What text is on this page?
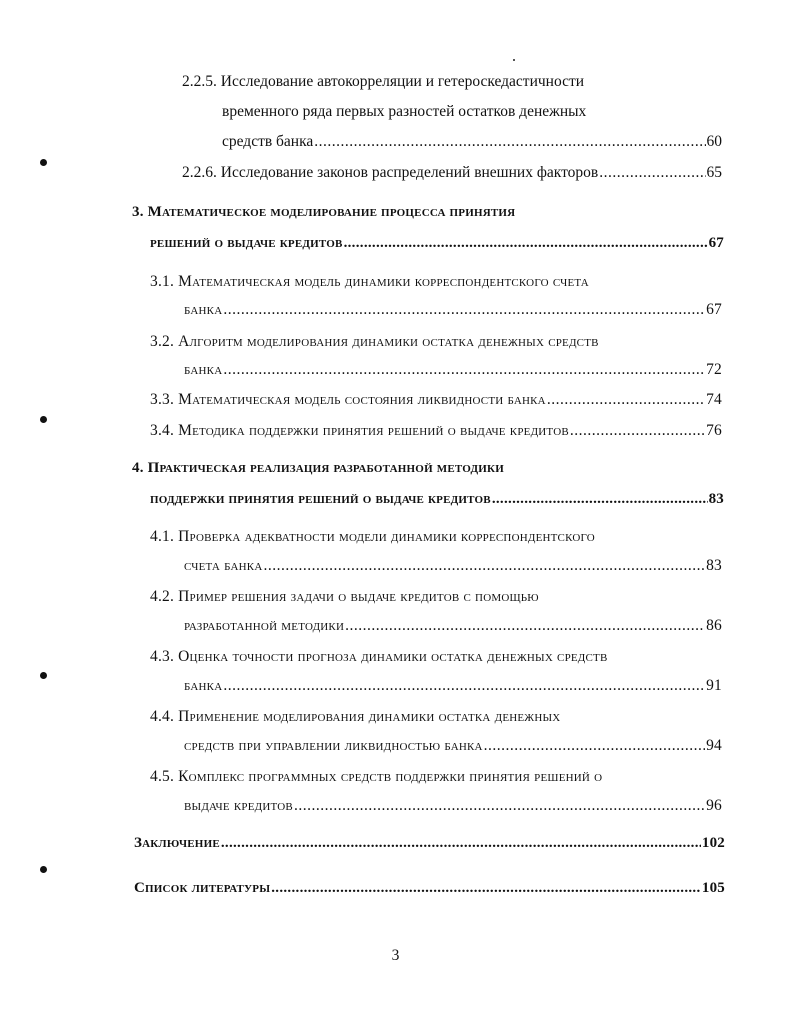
2.2.5. Исследование автокорреляции и гетероскедастичности
временного ряда первых разностей остатков денежных
средств банка .....	60
2.2.6. Исследование законов распределений внешних факторов .....	65
3. Математическое моделирование процесса принятия
решений о выдаче кредитов .....	67
3.1. Математическая модель динамики корреспондентского счета
банка .....	67
3.2. Алгоритм моделирования динамики остатка денежных средств
банка .....	72
3.3. Математическая модель состояния ликвидности банка .....	74
3.4. Методика поддержки принятия решений о выдаче кредитов .....	76
4. Практическая реализация разработанной методики
поддержки принятия решений о выдаче кредитов .....	83
4.1. Проверка адекватности модели динамики корреспондентского
счета банка .....	83
4.2. Пример решения задачи о выдаче кредитов с помощью
разработанной методики .....	86
4.3. Оценка точности прогноза динамики остатка денежных средств
банка .....	91
4.4. Применение моделирования динамики остатка денежных
средств при управлении ликвидностью банка .....	94
4.5. Комплекс программных средств поддержки принятия решений о
выдаче кредитов .....	96
Заключение .....	102
Список литературы .....	105
3
